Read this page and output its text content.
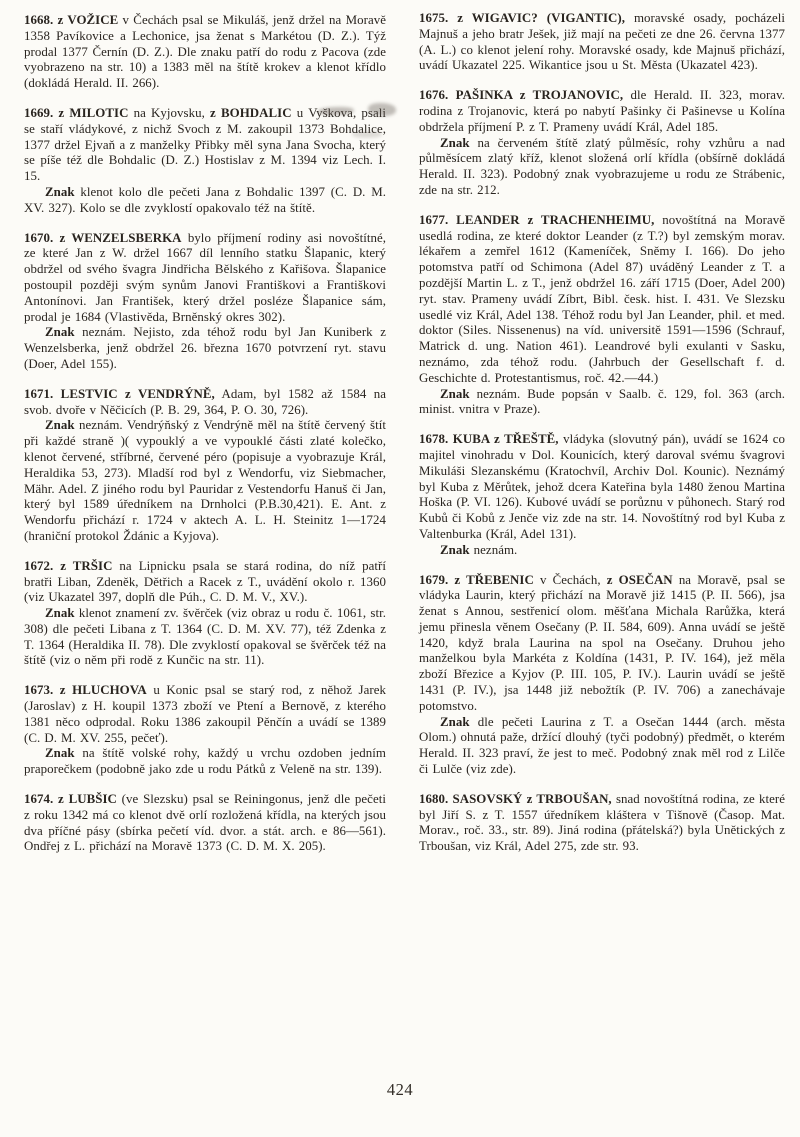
1668. z VOŽICE v Čechách psal se Mikuláš, jenž držel na Moravě 1358 Pavíkovice a Lechonice, jsa ženat s Markétou (D. Z.). Týž prodal 1377 Černín (D. Z.). Dle znaku patří do rodu z Pacova (zde vyobrazeno na str. 10) a 1383 měl na štítě krokev a klenot křídlo (dokládá Herald. II. 266).

1669. z MILOTIC na Kyjovsku, z BOHDALIC u Vyškova, psali se staří vládykové, z nichž Svoch z M. zakoupil 1373 Bohdalice, 1377 držel Ejvaň a z manželky Přibky měl syna Jana Svocha, který se píše též dle Bohdalic (D. Z.) Hostislav z M. 1394 viz Lech. I. 15.

Znak klenot kolo dle pečeti Jana z Bohdalic 1397 (C. D. M. XV. 327). Kolo se dle zvyklostí opakovalo též na štítě.

1670. z WENZELSBERKA bylo příjmení rodiny asi novoštítné, ze které Jan z W. držel 1667 díl lenního statku Šlapanic, který obdržel od svého švagra Jindřicha Bělského z Kařišova. Šlapanice postoupil později svým synům Janovi Františkovi a Františkovi Antonínovi. Jan František, který držel posléze Šlapanice sám, prodal je 1684 (Vlastivěda, Brněnský okres 302).

Znak neznám. Nejisto, zda téhož rodu byl Jan Kuniberk z Wenzelsberka, jenž obdržel 26. března 1670 potvrzení ryt. stavu (Doer, Adel 155).

1671. LESTVIC z VENDRÝNĚ, Adam, byl 1582 až 1584 na svob. dvoře v Něčicích (P. B. 29, 364, P. O. 30, 726).

Znak neznám. Vendrýňský z Vendrýně měl na štítě červený štít při každé straně )( vypouklý a ve vypouklé části zlaté kolečko, klenot červené, stříbrné, červené péro (popisuje a vyobrazuje Král, Heraldika 53, 273). Mladší rod byl z Wendorfu, viz Siebmacher, Mähr. Adel. Z jiného rodu byl Pauridar z Vestendorfu Hanuš či Jan, který byl 1589 úředníkem na Drnholci (P.B.30,421). E. Ant. z Wendorfu přichází r. 1724 v aktech A. L. H. Steinitz 1—1724 (hraniční protokol Ždánic a Kyjova).

1672. z TRŠIC na Lipnicku psala se stará rodina, do níž patří bratři Liban, Zdeněk, Dětřich a Racek z T., uvádění okolo r. 1360 (viz Ukazatel 397, doplň dle Púh., C. D. M. V., XV.).

Znak klenot znamení zv. švěrček (viz obraz u rodu č. 1061, str. 308) dle pečeti Libana z T. 1364 (C. D. M. XV. 77), též Zdenka z T. 1364 (Heraldika II. 78). Dle zvyklostí opakoval se švěrček též na štítě (viz o něm při rodě z Kunčic na str. 11).

1673. z HLUCHOVA u Konic psal se starý rod, z něhož Jarek (Jaroslav) z H. koupil 1373 zboží ve Ptení a Bernově, z kterého 1381 něco odprodal. Roku 1386 zakoupil Pěnčín a uvádí se 1389 (C. D. M. XV. 255, pečeť).

Znak na štítě volské rohy, každý u vrchu ozdoben jedním praporečkem (podobně jako zde u rodu Pátků z Veleně na str. 139).

1674. z LUBŠIC (ve Slezsku) psal se Reiningonus, jenž dle pečeti z roku 1342 má co klenot dvě orlí rozložená křídla, na kterých jsou dva příčné pásy (sbírka pečetí víd. dvor. a stát. arch. e 86—561). Ondřej z L. přichází na Moravě 1373 (C. D. M. X. 205).

1675. z WIGAVIC? (VIGANTIC), moravské osady, pocházeli Majnuš a jeho bratr Ješek, již mají na pečeti ze dne 26. června 1377 (A. L.) co klenot jelení rohy. Moravské osady, kde Majnuš přichází, uvádí Ukazatel 225. Wikantice jsou u St. Města (Ukazatel 423).

1676. PAŠINKA z TROJANOVIC, dle Herald. II. 323, morav. rodina z Trojanovic, která po nabytí Pašinky či Pašinevse u Kolína obdržela příjmení P. z T. Prameny uvádí Král, Adel 185.

Znak na červeném štítě zlatý půlměsíc, rohy vzhůru a nad půlměsícem zlatý kříž, klenot složená orlí křídla (obšírně dokládá Herald. II. 323). Podobný znak vyobrazujeme u rodu ze Strábenic, zde na str. 212.

1677. LEANDER z TRACHENHEIMU, novoštítná na Moravě usedlá rodina, ze které doktor Leander (z T.?) byl zemským morav. lékařem a zemřel 1612 (Kameníček, Sněmy I. 166). Do jeho potomstva patří od Schimona (Adel 87) uváděný Leander z T. a pozdější Martin L. z T., jenž obdržel 16. září 1715 (Doer, Adel 200) ryt. stav. Prameny uvádí Zíbrt, Bibl. česk. hist. I. 431. Ve Slezsku usedlé viz Král, Adel 138. Téhož rodu byl Jan Leander, phil. et med. doktor (Siles. Nissenenus) na víd. universitě 1591—1596 (Schrauf, Matrick d. ung. Nation 461). Leandrové byli exulanti v Sasku, neznámo, zda téhož rodu. (Jahrbuch der Gesellschaft f. d. Geschichte d. Protestantismus, roč. 42.—44.)

Znak neznám. Bude popsán v Saalb. č. 129, fol. 363 (arch. minist. vnitra v Praze).

1678. KUBA z TŘEŠTĚ, vládyka (slovutný pán), uvádí se 1624 co majitel vinohradu v Dol. Kounicích, který daroval svému švagrovi Mikuláši Slezanskému (Kratochvíl, Archiv Dol. Kounic). Neznámý byl Kuba z Měrůtek, jehož dcera Kateřina byla 1480 ženou Martina Hoška (P. VI. 126). Kubové uvádí se porůznu v půhonech. Starý rod Kubů či Kobů z Jenče viz zde na str. 14. Novoštítný rod byl Kuba z Valtenburka (Král, Adel 131).

Znak neznám.

1679. z TŘEBENIC v Čechách, z OSEČAN na Moravě, psal se vládyka Laurin, který přichází na Moravě již 1415 (P. II. 566), jsa ženat s Annou, sestřenicí olom. měšťana Michala Rarůžka, která jemu přinesla věnem Osečany (P. II. 584, 609). Anna uvádí se ještě 1420, když brala Laurina na spol na Osečany. Druhou jeho manželkou byla Markéta z Koldína (1431, P. IV. 164), jež měla zboží Březice a Kyjov (P. III. 105, P. IV.). Laurin uvádí se ještě 1431 (P. IV.), jsa 1448 již nebožtík (P. IV. 706) a zanechávaje potomstvo.

Znak dle pečeti Laurina z T. a Osečan 1444 (arch. města Olom.) ohnutá paže, držící dlouhý (tyči podobný) předmět, o kterém Herald. II. 323 praví, že jest to meč. Podobný znak měl rod z Lilče či Lulče (viz zde).

1680. SASOVSKÝ z TRBOUŠAN, snad novoštítná rodina, ze které byl Jiří S. z T. 1557 úředníkem kláštera v Tišnově (Časop. Mat. Morav., roč. 33., str. 89). Jiná rodina (přátelská?) byla Unětických z Trboušan, viz Král, Adel 275, zde str. 93.

424
